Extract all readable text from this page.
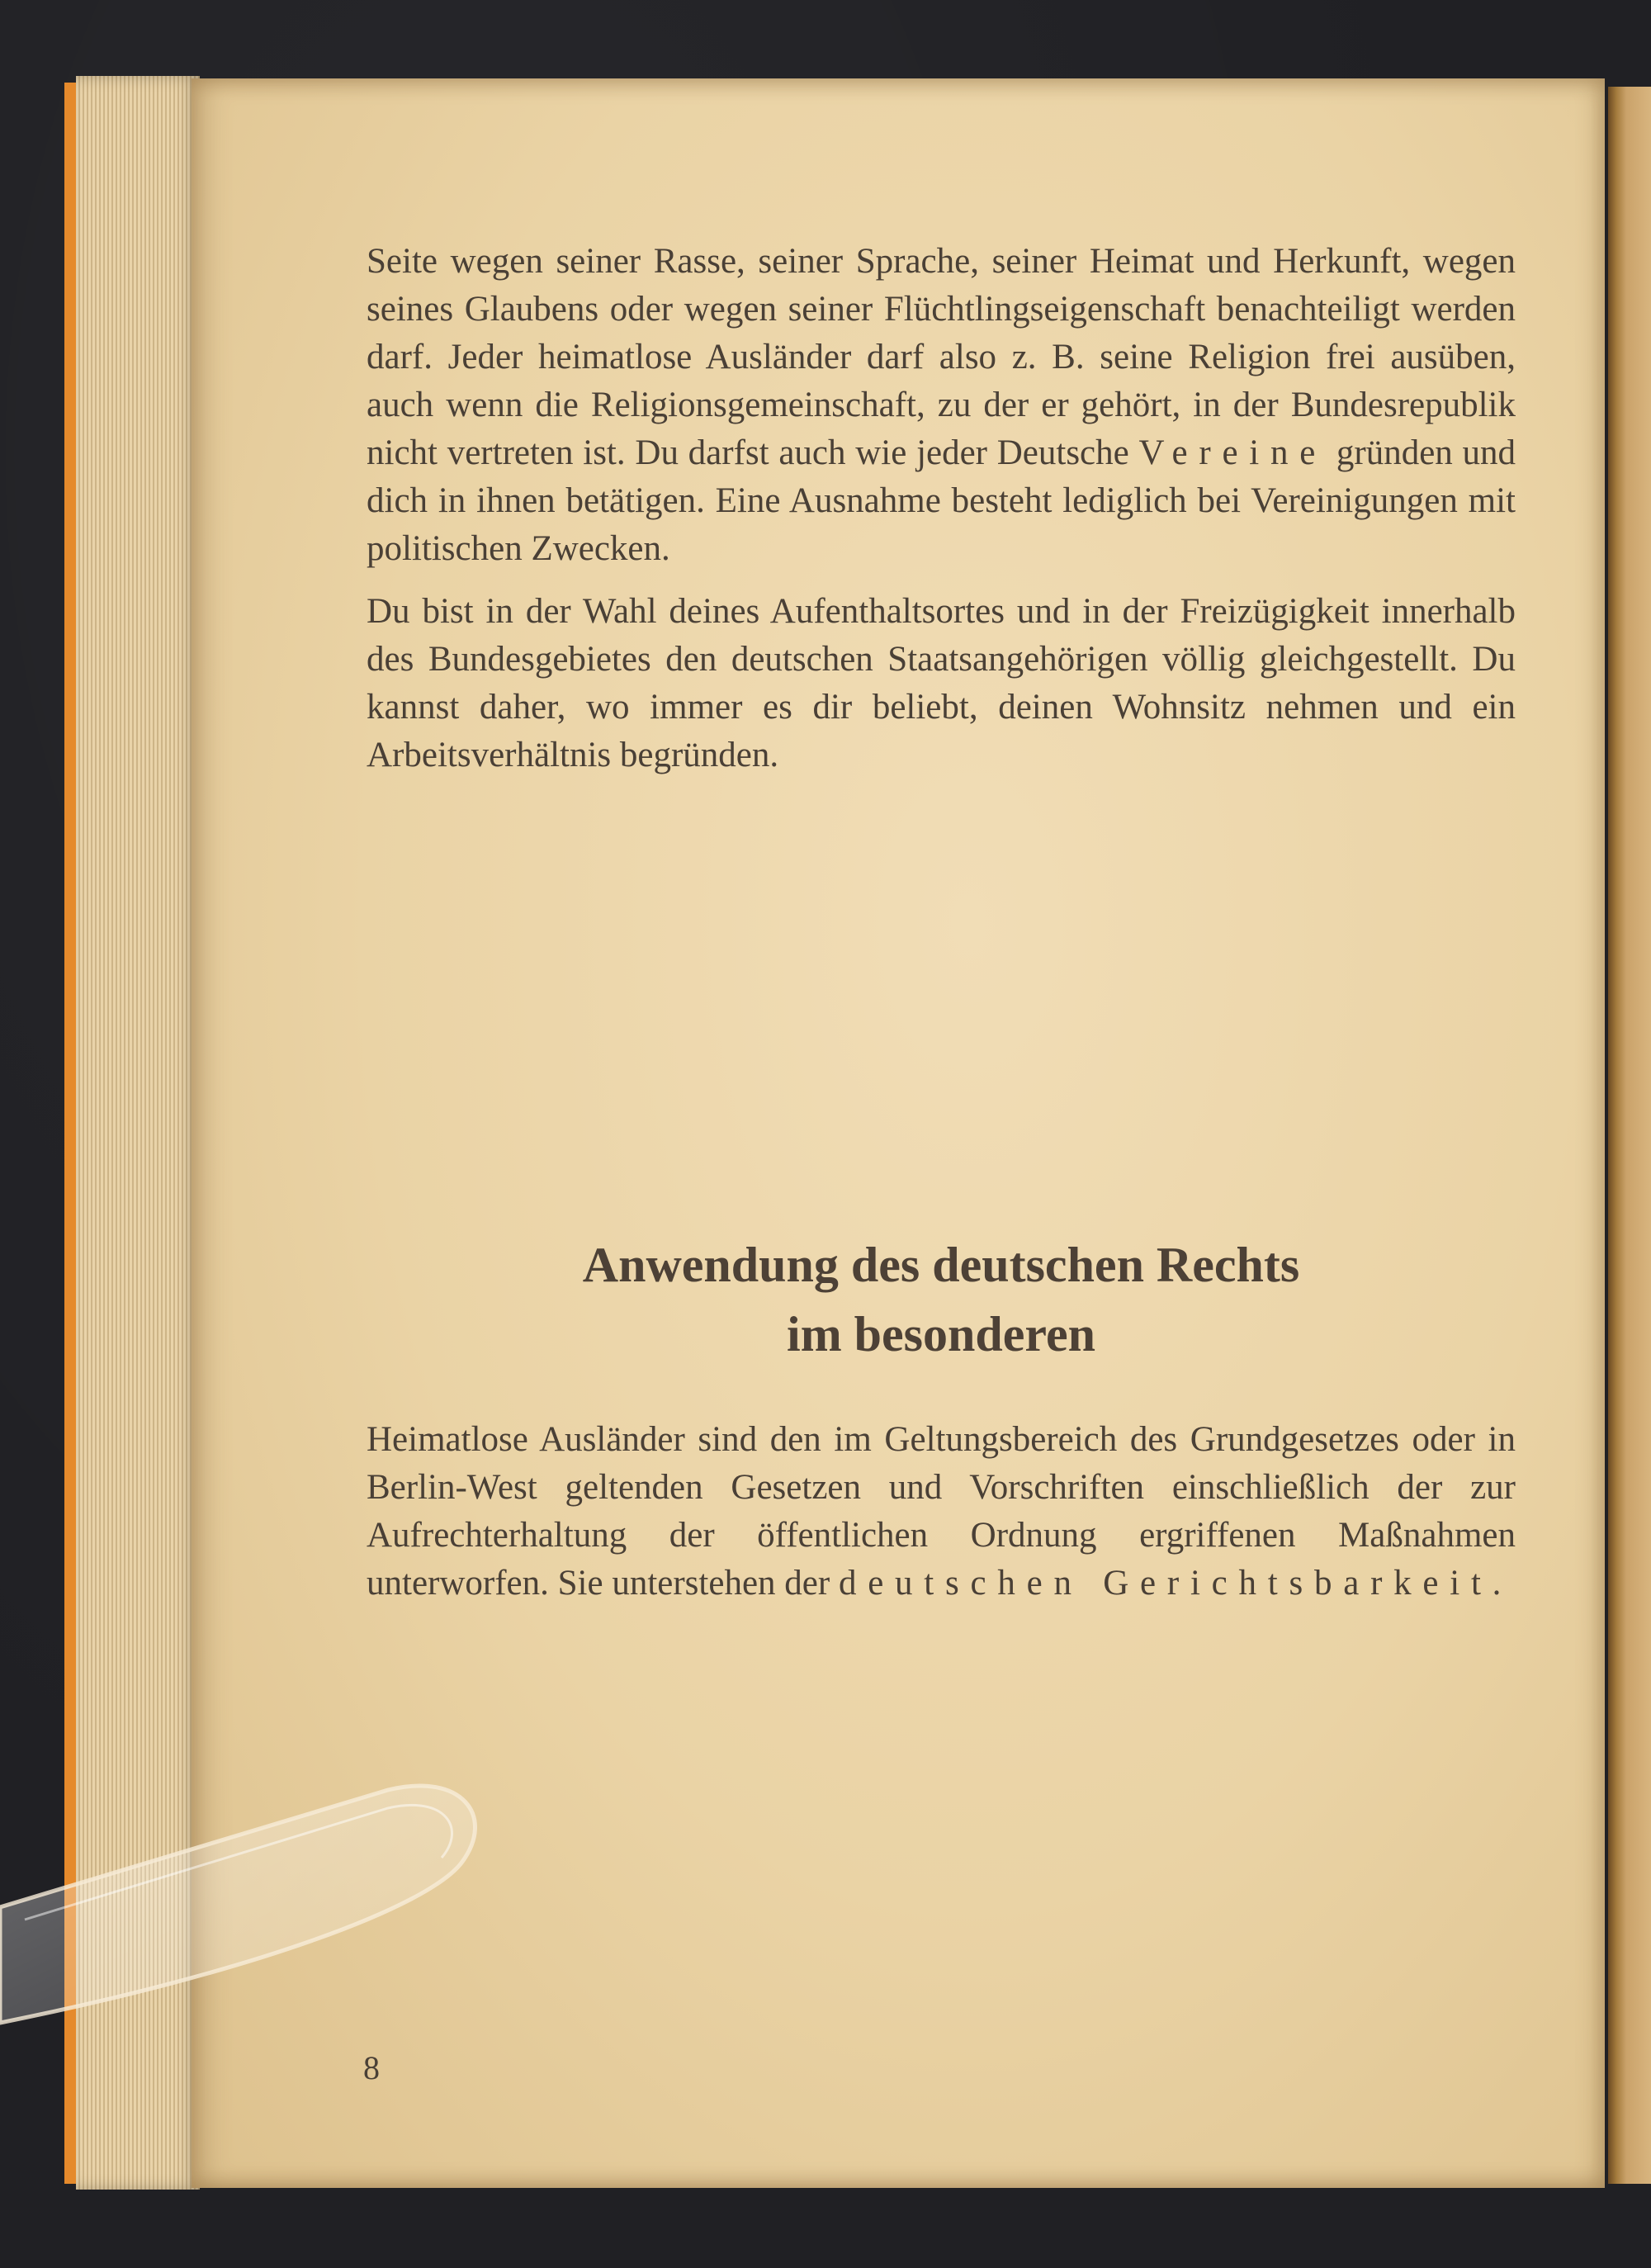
Seite wegen seiner Rasse, seiner Sprache, seiner Heimat und Herkunft, wegen seines Glaubens oder wegen seiner Flüchtlingseigenschaft benachteiligt werden darf. Jeder heimatlose Ausländer darf also z. B. seine Religion frei ausüben, auch wenn die Religionsgemeinschaft, zu der er gehört, in der Bundesrepublik nicht vertreten ist. Du darfst auch wie jeder Deutsche Vereine gründen und dich in ihnen betätigen. Eine Ausnahme besteht lediglich bei Vereinigungen mit politischen Zwecken.

Du bist in der Wahl deines Aufenthaltsortes und in der Freizügigkeit innerhalb des Bundesgebietes den deutschen Staatsangehörigen völlig gleichgestellt. Du kannst daher, wo immer es dir beliebt, deinen Wohnsitz nehmen und ein Arbeitsverhältnis begründen.

Anwendung des deutschen Rechts
im besonderen

Heimatlose Ausländer sind den im Geltungsbereich des Grundgesetzes oder in Berlin-West geltenden Gesetzen und Vorschriften einschließlich der zur Aufrechterhaltung der öffentlichen Ordnung ergriffenen Maßnahmen unterworfen. Sie unterstehen der deutschen Gerichtsbarkeit.

8
